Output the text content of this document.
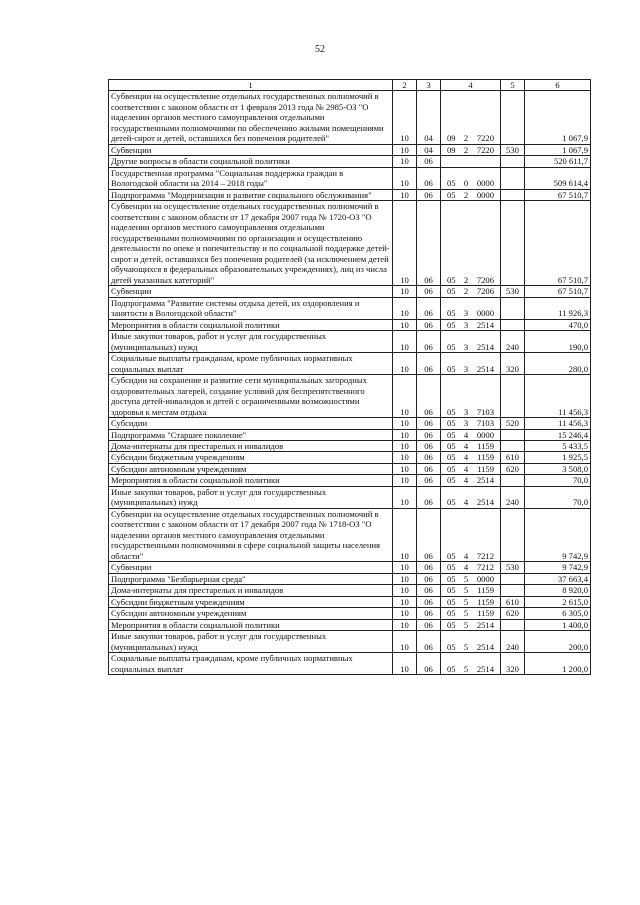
52
1	2	3	4	5	6
Субвенции на осуществление отдельных государственных полномочий в соответствии с законом области от 1 февраля 2013 года № 2985-ОЗ "О наделении органов местного самоуправления отдельными государственными полномочиями по обеспечению жилыми помещениями детей-сирот и детей, оставшихся без попечения родителей"	10	04	09 2 7220		1 067,9
Субвенции	10	04	09 2 7220	530	1 067,9
Другие вопросы в области социальной политики	10	06			520 611,7
Государственная программа "Социальная поддержка граждан в Вологодской области на 2014 – 2018 годы"	10	06	05 0 0000		509 614,4
Подпрограмма "Модернизация и развитие социального обслуживания"	10	06	05 2 0000		67 510,7
Субвенции на осуществление отдельных государственных полномочий в соответствии с законом области от 17 декабря 2007 года № 1720-ОЗ "О наделении органов местного самоуправления отдельными государственными полномочиями по организации и осуществлению деятельности по опеке и попечительству и по социальной поддержке детей-сирот и детей, оставшихся без попечения родителей (за исключением детей обучающихся в федеральных образовательных учреждениях), лиц из числа детей указанных категорий"	10	06	05 2 7206		67 510,7
Субвенции	10	06	05 2 7206	530	67 510,7
Подпрограмма "Развитие системы отдыха детей, их оздоровления и занятости в Вологодской области"	10	06	05 3 0000		11 926,3
Мероприятия в области социальной политики	10	06	05 3 2514		470,0
Иные закупки товаров, работ и услуг для государственных (муниципальных) нужд	10	06	05 3 2514	240	190,0
Социальные выплаты гражданам, кроме публичных нормативных социальных выплат	10	06	05 3 2514	320	280,0
Субсидии на сохранение и развитие сети муниципальных загородных оздоровительных лагерей, создание условий для беспрепятственного доступа детей-инвалидов и детей с ограниченными возможностями здоровья к местам отдыха	10	06	05 3 7103		11 456,3
Субсидии	10	06	05 3 7103	520	11 456,3
Подпрограмма "Старшее поколение"	10	06	05 4 0000		15 246,4
Дома-интернаты для престарелых и инвалидов	10	06	05 4 1159		5 433,5
Субсидии бюджетным учреждениям	10	06	05 4 1159	610	1 925,5
Субсидии автономным учреждениям	10	06	05 4 1159	620	3 508,0
Мероприятия в области социальной политики	10	06	05 4 2514		70,0
Иные закупки товаров, работ и услуг для государственных (муниципальных) нужд	10	06	05 4 2514	240	70,0
Субвенции на осуществление отдельных государственных полномочий в соответствии с законом области от 17 декабря 2007 года № 1718-ОЗ "О наделении органов местного самоуправления отдельными государственными полномочиями в сфере социальной защиты населения области"	10	06	05 4 7212		9 742,9
Субвенции	10	06	05 4 7212	530	9 742,9
Подпрограмма "Безбарьерная среда"	10	06	05 5 0000		37 663,4
Дома-интернаты для престарелых и инвалидов	10	06	05 5 1159		8 920,0
Субсидии бюджетным учреждениям	10	06	05 5 1159	610	2 615,0
Субсидии автономным учреждениям	10	06	05 5 1159	620	6 305,0
Мероприятия в области социальной политики	10	06	05 5 2514		1 400,0
Иные закупки товаров, работ и услуг для государственных (муниципальных) нужд	10	06	05 5 2514	240	200,0
Социальные выплаты гражданам, кроме публичных нормативных социальных выплат	10	06	05 5 2514	320	1 200,0
